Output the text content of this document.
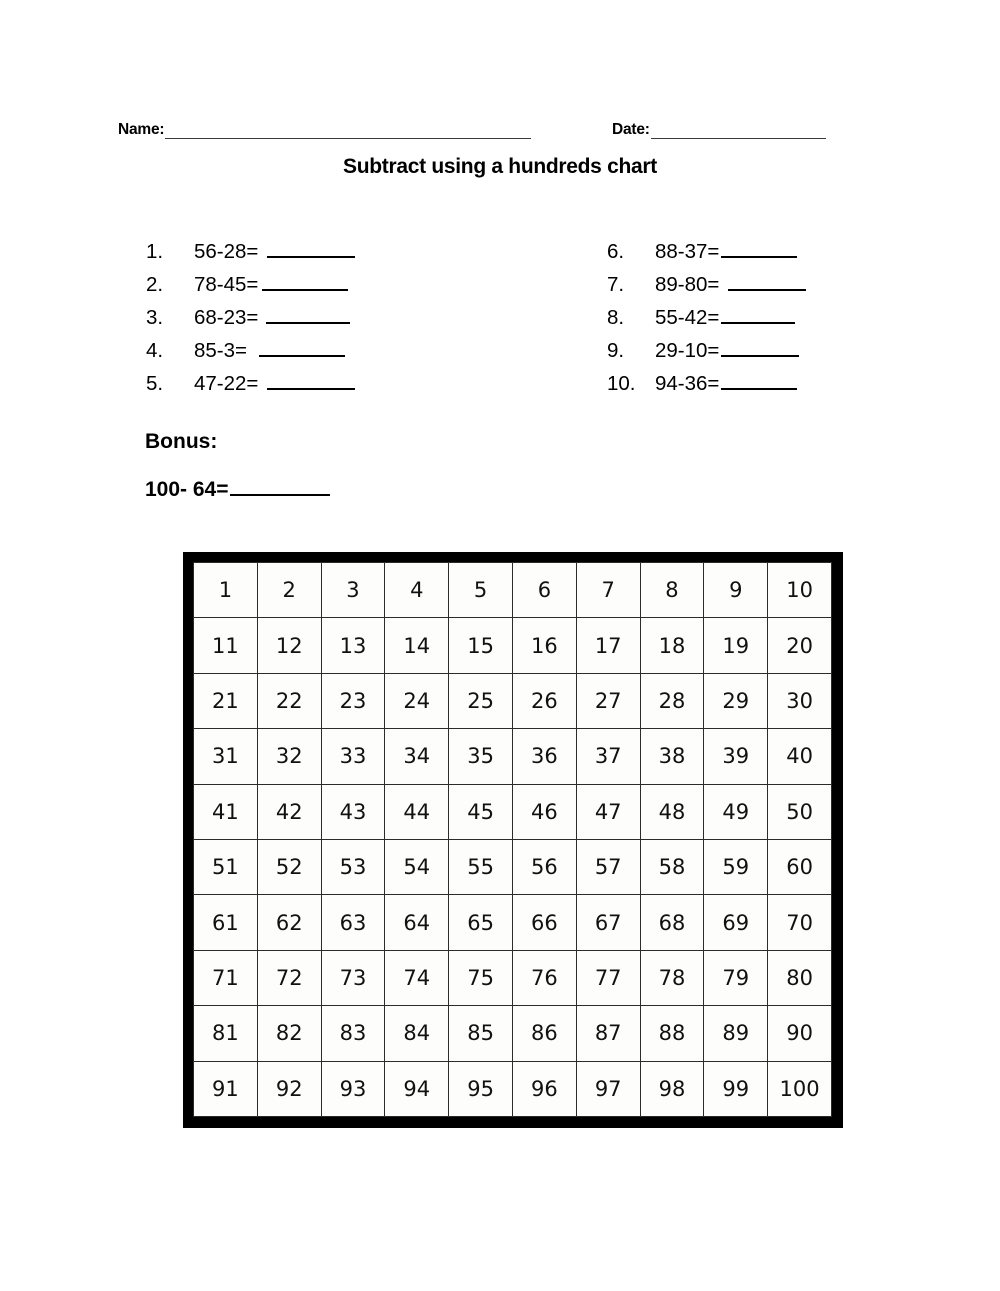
Name:	Date:
Subtract using a hundreds chart
1.	56-28=
2.	78-45=
3.	68-23=
4.	85-3=
5.	47-22=
6.	88-37=
7.	89-80=
8.	55-42=
9.	29-10=
10. 94-36=
Bonus:
100- 64=
1	2	3	4	5	6	7	8	9	10
11	12	13	14	15	16	17	18	19	20
21	22	23	24	25	26	27	28	29	30
31	32	33	34	35	36	37	38	39	40
41	42	43	44	45	46	47	48	49	50
51	52	53	54	55	56	57	58	59	60
61	62	63	64	65	66	67	68	69	70
71	72	73	74	75	76	77	78	79	80
81	82	83	84	85	86	87	88	89	90
91	92	93	94	95	96	97	98	99	100
